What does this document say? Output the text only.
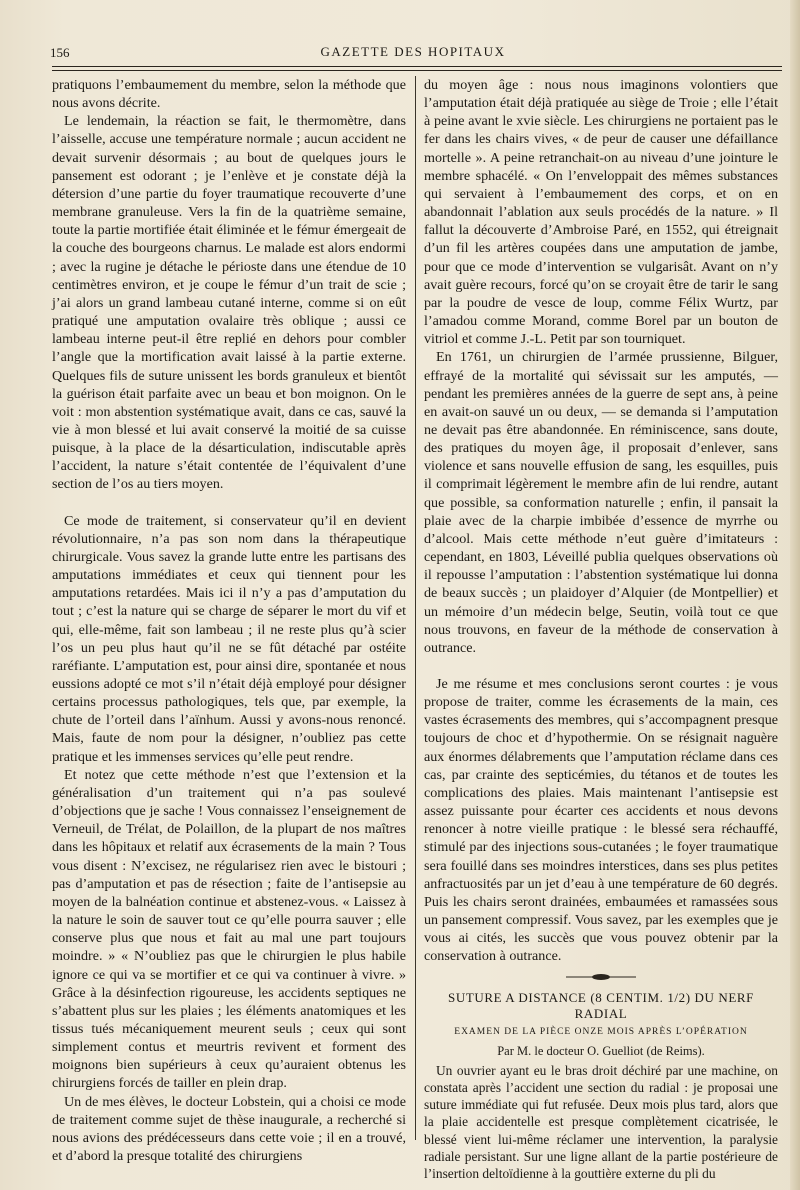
156	GAZETTE DES HOPITAUX

pratiquons l’embaumement du membre, selon la méthode que nous avons décrite.

Le lendemain, la réaction se fait, le thermomètre, dans l’aisselle, accuse une température normale ; aucun accident ne devait survenir désormais ; au bout de quelques jours le pansement est odorant ; je l’enlève et je constate déjà la détersion d’une partie du foyer traumatique recouverte d’une membrane granuleuse. Vers la fin de la quatrième semaine, toute la partie mortifiée était éliminée et le fémur émergeait de la couche des bourgeons charnus. Le malade est alors endormi ; avec la rugine je détache le périoste dans une étendue de 10 centimètres environ, et je coupe le fémur d’un trait de scie ; j’ai alors un grand lambeau cutané interne, comme si on eût pratiqué une amputation ovalaire très oblique ; aussi ce lambeau interne peut-il être replié en dehors pour combler l’angle que la mortification avait laissé à la partie externe. Quelques fils de suture unissent les bords granuleux et bientôt la guérison était parfaite avec un beau et bon moignon. On le voit : mon abstention systématique avait, dans ce cas, sauvé la vie à mon blessé et lui avait conservé la moitié de sa cuisse puisque, à la place de la désarticulation, indiscutable après l’accident, la nature s’était contentée de l’équivalent d’une section de l’os au tiers moyen.

Ce mode de traitement, si conservateur qu’il en devient révolutionnaire, n’a pas son nom dans la thérapeutique chirurgicale. Vous savez la grande lutte entre les partisans des amputations immédiates et ceux qui tiennent pour les amputations retardées. Mais ici il n’y a pas d’amputation du tout ; c’est la nature qui se charge de séparer le mort du vif et qui, elle-même, fait son lambeau ; il ne reste plus qu’à scier l’os un peu plus haut qu’il ne se fût détaché par ostéite raréfiante. L’amputation est, pour ainsi dire, spontanée et nous eussions adopté ce mot s’il n’était déjà employé pour désigner certains processus pathologiques, tels que, par exemple, la chute de l’orteil dans l’aïnhum. Aussi y avons-nous renoncé. Mais, faute de nom pour la désigner, n’oubliez pas cette pratique et les immenses services qu’elle peut rendre.

Et notez que cette méthode n’est que l’extension et la généralisation d’un traitement qui n’a pas soulevé d’objections que je sache ! Vous connaissez l’enseignement de Verneuil, de Trélat, de Polaillon, de la plupart de nos maîtres dans les hôpitaux et relatif aux écrasements de la main ? Tous vous disent : N’excisez, ne régularisez rien avec le bistouri ; pas d’amputation et pas de résection ; faite de l’antisepsie au moyen de la balnéation continue et abstenez-vous. « Laissez à la nature le soin de sauver tout ce qu’elle pourra sauver ; elle conserve plus que nous et fait au mal une part toujours moindre. » « N’oubliez pas que le chirurgien le plus habile ignore ce qui va se mortifier et ce qui va continuer à vivre. » Grâce à la désinfection rigoureuse, les accidents septiques ne s’abattent plus sur les plaies ; les éléments anatomiques et les tissus tués mécaniquement meurent seuls ; ceux qui sont simplement contus et meurtris revivent et forment des moignons bien supérieurs à ceux qu’auraient obtenus les chirurgiens forcés de tailler en plein drap.

Un de mes élèves, le docteur Lobstein, qui a choisi ce mode de traitement comme sujet de thèse inaugurale, a recherché si nous avions des prédécesseurs dans cette voie ; il en a trouvé, et d’abord la presque totalité des chirurgiens

du moyen âge : nous nous imaginons volontiers que l’amputation était déjà pratiquée au siège de Troie ; elle l’était à peine avant le xvie siècle. Les chirurgiens ne portaient pas le fer dans les chairs vives, « de peur de causer une défaillance mortelle ». A peine retranchait-on au niveau d’une jointure le membre sphacélé. « On l’enveloppait des mêmes substances qui servaient à l’embaumement des corps, et on en abandonnait l’ablation aux seuls procédés de la nature. » Il fallut la découverte d’Ambroise Paré, en 1552, qui étreignait d’un fil les artères coupées dans une amputation de jambe, pour que ce mode d’intervention se vulgarisât. Avant on n’y avait guère recours, forcé qu’on se croyait être de tarir le sang par la poudre de vesce de loup, comme Félix Wurtz, par l’amadou comme Morand, comme Borel par un bouton de vitriol et comme J.-L. Petit par son tourniquet.

En 1761, un chirurgien de l’armée prussienne, Bilguer, effrayé de la mortalité qui sévissait sur les amputés, — pendant les premières années de la guerre de sept ans, à peine en avait-on sauvé un ou deux, — se demanda si l’amputation ne devait pas être abandonnée. En réminiscence, sans doute, des pratiques du moyen âge, il proposait d’enlever, sans violence et sans nouvelle effusion de sang, les esquilles, puis il comprimait légèrement le membre afin de lui rendre, autant que possible, sa conformation naturelle ; enfin, il pansait la plaie avec de la charpie imbibée d’essence de myrrhe ou d’alcool. Mais cette méthode n’eut guère d’imitateurs : cependant, en 1803, Léveillé publia quelques observations où il repousse l’amputation : l’abstention systématique lui donna de beaux succès ; un plaidoyer d’Alquier (de Montpellier) et un mémoire d’un médecin belge, Seutin, voilà tout ce que nous trouvons, en faveur de la méthode de conservation à outrance.

Je me résume et mes conclusions seront courtes : je vous propose de traiter, comme les écrasements de la main, ces vastes écrasements des membres, qui s’accompagnent presque toujours de choc et d’hypothermie. On se résignait naguère aux énormes délabrements que l’amputation réclame dans ces cas, par crainte des septicémies, du tétanos et de toutes les complications des plaies. Mais maintenant l’antisepsie est assez puissante pour écarter ces accidents et nous devons renoncer à notre vieille pratique : le blessé sera réchauffé, stimulé par des injections sous-cutanées ; le foyer traumatique sera fouillé dans ses moindres interstices, dans ses plus petites anfractuosités par un jet d’eau à une température de 60 degrés. Puis les chairs seront drainées, embaumées et ramassées sous un pansement compressif. Vous savez, par les exemples que je vous ai cités, les succès que vous pouvez obtenir par la conservation à outrance.

SUTURE A DISTANCE (8 CENTIM. 1/2) DU NERF RADIAL
EXAMEN DE LA PIÈCE ONZE MOIS APRÈS L’OPÉRATION
Par M. le docteur O. Guelliot (de Reims).

Un ouvrier ayant eu le bras droit déchiré par une machine, on constata après l’accident une section du radial : je proposai une suture immédiate qui fut refusée. Deux mois plus tard, alors que la plaie accidentelle est presque complètement cicatrisée, le blessé vient lui-même réclamer une intervention, la paralysie radiale persistant. Sur une ligne allant de la partie postérieure de l’insertion deltoïdienne à la gouttière externe du pli du
